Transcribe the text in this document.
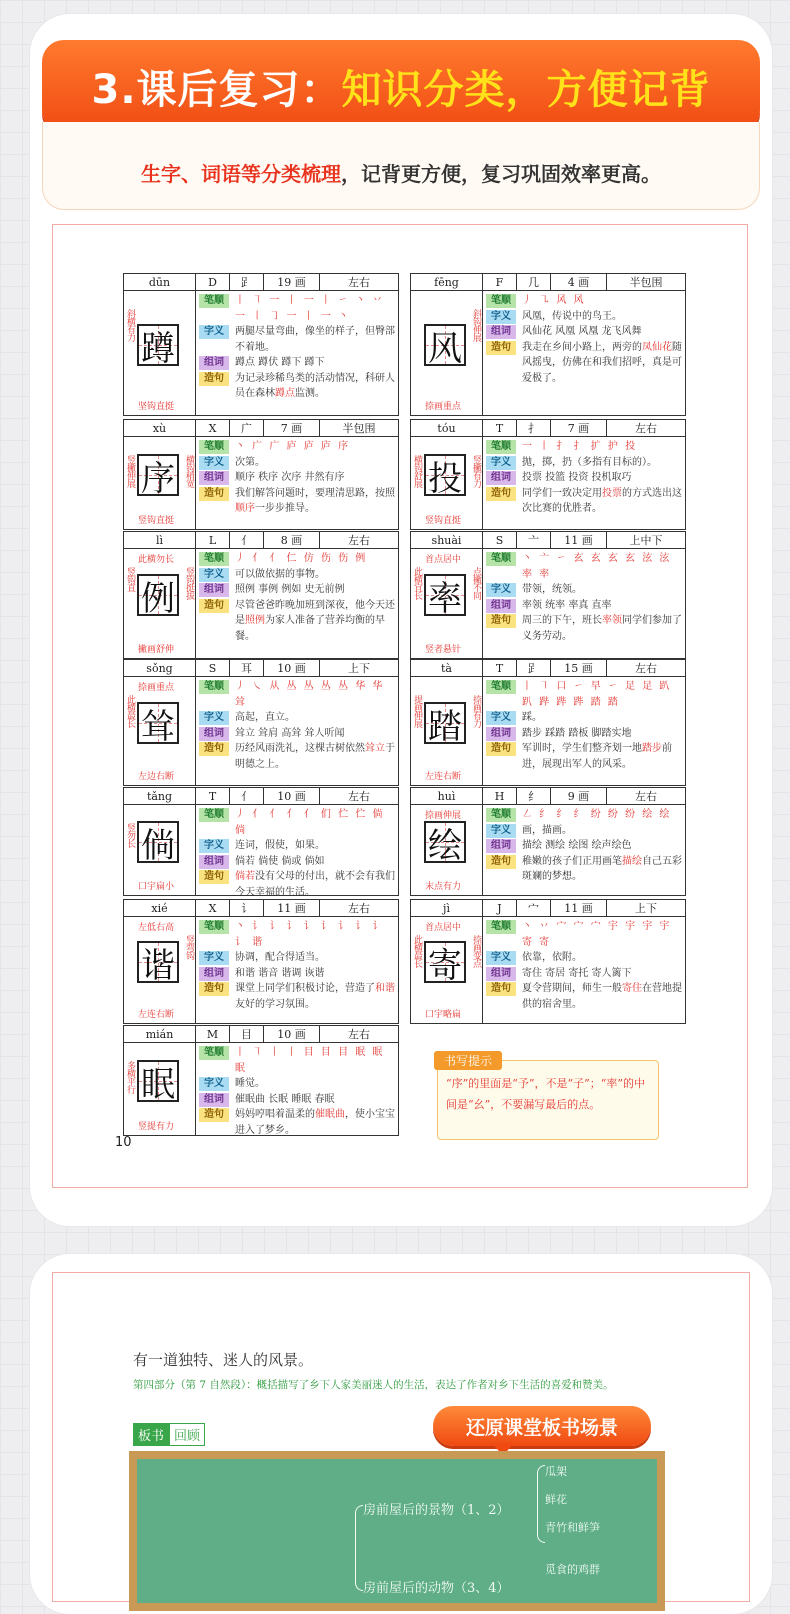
3.课后复习： 知识分类，方便记背
生字、词语等分类梳理 ，记背更方便，复习巩固效率更高。
dūn	D	𧾷	19 画	左右
斜横有力
蹲
坚钩直挺
笔顺	丨 ㇕ 一 丨 一 丨 ㇀ 丶 丷 一 ㇑ ㇆ 一 丨 一 丶
字义	两腿尽量弯曲，像坐的样子，但臀部不着地。
组词	蹲点 蹲伏 蹲下 蹲下
造句	为记录珍稀鸟类的活动情况，科研人员在森林蹲点监测。
fēng	F	几	4 画	半包围
斜钩伸展
风
捺画重点
笔顺	丿 ㇈ 风 风
字义	风凰，传说中的鸟王。
组词	风仙花 风凰 风凰 龙飞风舞
造句	我走在乡间小路上，两旁的凤仙花随风摇曳，仿佛在和我们招呼，真是可爱极了。
xù	X	广	7 画	半包围
竖撇伸展	横钩稍宽
序
竖钩直挺
笔顺	丶 广 广 庐 庐 庐 序
字义	次第。
组词	顺序 秩序 次序 井然有序
造句	我们解答问题时，要理清思路，按照顺序一步步推导。
tóu	T	扌	7 画	左右
横钩舒展	竖撇有力
投
竖钩直挺
笔顺	一 丨 扌 扌 扩 护 投
字义	抛，掷，扔（多指有目标的）。
组词	投票 投篮 投资 投机取巧
造句	同学们一致决定用投票的方式选出这次比赛的优胜者。
lì	L	亻	8 画	左右
此横勿长
竖钩直	竖钩挺拔
例
撇画舒伸
笔顺	丿 亻 亻 仁 仿 伤 伤 例
字义	可以做依据的事物。
组词	照例 事例 例如 史无前例
造句	尽管爸爸昨晚加班到深夜，他今天还是照例为家人准备了营养均衡的早餐。
shuài	S	亠	11 画	上中下
首点居中
此横宜长	点撇不同
率
竖者悬针
笔顺	丶 亠 ㇀ 玄 玄 玄 玄 泫 泫 率 率
字义	带领，统领。
组词	率领 统率 率真 直率
造句	周三的下午，班长率领同学们参加了义务劳动。
sǒng	S	耳	10 画	上下
捺画重点
此横最长 耸
左边右断
笔顺	丿 ㇏ 从 丛 丛 丛 丛 华 华 耸
字义	高起，直立。
组词	耸立 耸肩 高耸 耸人听闻
造句	历经风雨洗礼，这棵古树依然耸立于明德之上。
tà	T	𧾷	15 画	左右
提画伸展	捺画有力
踏
左连右断
笔顺	丨 ㇕ 口 ㇀ 早 ㇀ 足 足 趴 趴 跸 跸 跸 踏 踏
字义	踩。
组词	踏步 踩踏 踏板 脚踏实地
造句	军训时，学生们整齐划一地踏步前进，展现出军人的风采。
tǎng	T	亻	10 画	左右
竖勿长 倘
口宇扁小
笔顺	丿 亻 亻 亻 亻 们 伫 伫 倘 倘
字义	连词，假使，如果。
组词	倘若 倘使 倘或 倘如
造句	倘若没有父母的付出，就不会有我们今天幸福的生活。
huì	H	纟	9 画	左右
捺画伸展
绘
末点有力
笔顺	㇜ 纟 纟 纟 纷 纷 纷 绘 绘
字义	画，描画。
组词	描绘 测绘 绘图 绘声绘色
造句	稚嫩的孩子们正用画笔描绘自己五彩斑斓的梦想。
xié	X	讠	11 画	左右
左低右高
竖弯钩
谐
左连右断
笔顺	丶 讠 讠 讠 讠 讠 讠 讠 讠 讠 谐
字义	协调，配合得适当。
组词	和谐 谐音 谐调 诙谐
造句	课堂上同学们积极讨论，营造了和谐友好的学习氛围。
jì	J	宀	11 画	上下
首点居中
此横最长	捺画变点
寄
口宇略扁
笔顺	丶 丷 宀 宀 宀 宇 宇 宇 宇 寄 寄
字义	依靠，依附。
组词	寄住 寄居 寄托 寄人篱下
造句	夏令营期间，师生一般寄住在营地提供的宿舍里。
mián	M	目	10 画	左右
多横平行 眠
竖提有力
笔顺	丨 ㇕ 丨 丨 目 目 目 眠 眠 眠
字义	睡觉。
组词	催眠曲 长眠 睡眠 春眠
造句	妈妈哼唱着温柔的催眠曲，使小宝宝进入了梦乡。
书写提示
“序”的里面是“予”，不是“子”；“率”的中间是“幺”，不要漏写最后的点。
10
有一道独特、迷人的风景。
第四部分（第 7 自然段）：概括描写了乡下人家美丽迷人的生活，表达了作者对乡下生活的喜爱和赞美。
板书 回顾	还原课堂板书场景
房前屋后的景物（1、2）
瓜架
鲜花
青竹和鲜笋
房前屋后的动物（3、4）
觅食的鸡群
